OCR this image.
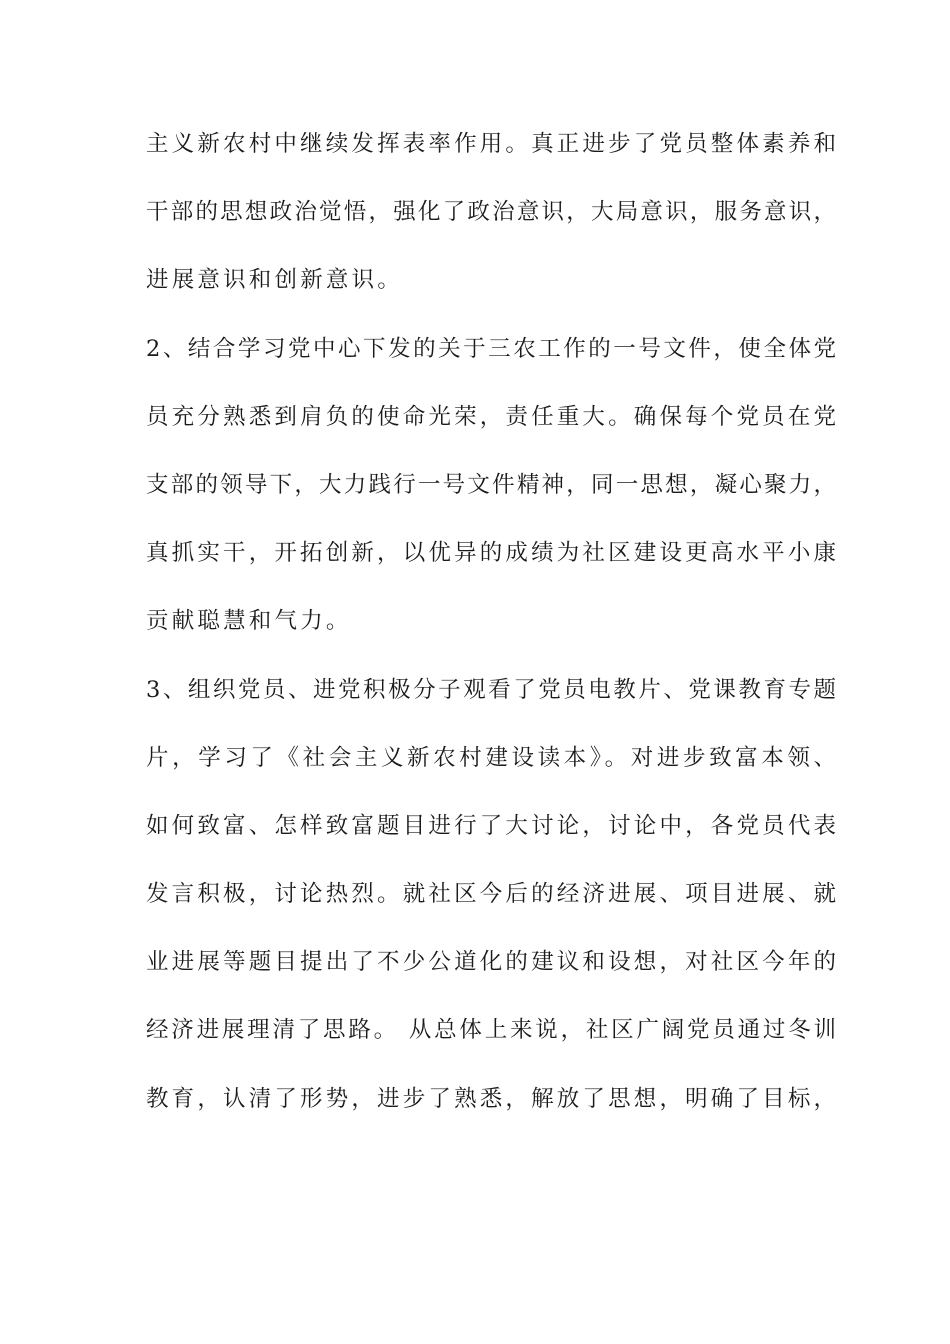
主义新农村中继续发挥表率作用。真正进步了党员整体素养和
干部的思想政治觉悟，强化了政治意识，大局意识，服务意识，
进展意识和创新意识。
2、结合学习党中心下发的关于三农工作的一号文件，使全体党
员充分熟悉到肩负的使命光荣，责任重大。确保每个党员在党
支部的领导下，大力践行一号文件精神，同一思想，凝心聚力，
真抓实干，开拓创新，以优异的成绩为社区建设更高水平小康
贡献聪慧和气力。
3、组织党员、进党积极分子观看了党员电教片、党课教育专题
片，学习了《社会主义新农村建设读本》。对进步致富本领、
如何致富、怎样致富题目进行了大讨论，讨论中，各党员代表
发言积极，讨论热烈。就社区今后的经济进展、项目进展、就
业进展等题目提出了不少公道化的建议和设想，对社区今年的
经济进展理清了思路。 从总体上来说，社区广阔党员通过冬训
教育，认清了形势，进步了熟悉，解放了思想，明确了目标，
